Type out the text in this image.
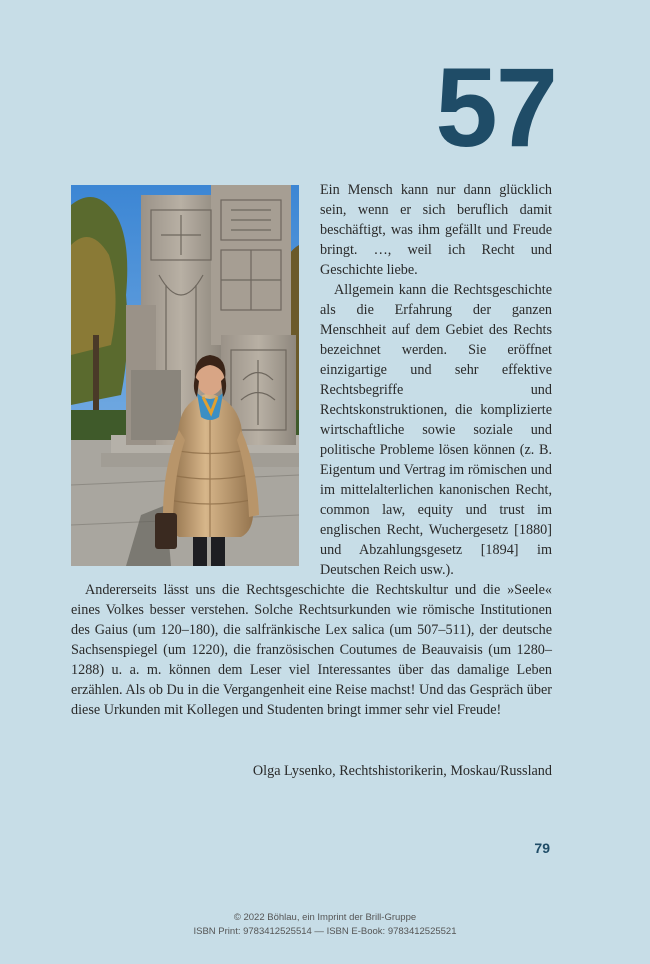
57

Ein Mensch kann nur dann glücklich sein, wenn er sich beruflich damit beschäftigt, was ihm gefällt und Freude bringt. …, weil ich Recht und Geschichte liebe.

Allgemein kann die Rechtsgeschichte als die Erfahrung der ganzen Menschheit auf dem Gebiet des Rechts bezeichnet werden. Sie eröffnet einzigartige und sehr effektive Rechtsbegriffe und Rechtskonstruktionen, die komplizierte wirtschaftliche sowie soziale und politische Probleme lösen können (z. B. Eigentum und Vertrag im römischen und im mittelalterlichen kanonischen Recht, common law, equity und trust im englischen Recht, Wuchergesetz [1880] und Abzahlungsgesetz [1894] im Deutschen Reich usw.).

Andererseits lässt uns die Rechtsgeschichte die Rechtskultur und die »Seele« eines Volkes besser verstehen. Solche Rechtsurkunden wie römische Institutionen des Gaius (um 120–180), die salfränkische Lex salica (um 507–511), der deutsche Sachsenspiegel (um 1220), die französischen Coutumes de Beauvaisis (um 1280–1288) u. a. m. können dem Leser viel Interessantes über das damalige Leben erzählen. Als ob Du in die Vergangenheit eine Reise machst! Und das Gespräch über diese Urkunden mit Kollegen und Studenten bringt immer sehr viel Freude!

Olga Lysenko, Rechtshistorikerin, Moskau/Russland

79
© 2022 Böhlau, ein Imprint der Brill-Gruppe
ISBN Print: 9783412525514 — ISBN E-Book: 9783412525521
